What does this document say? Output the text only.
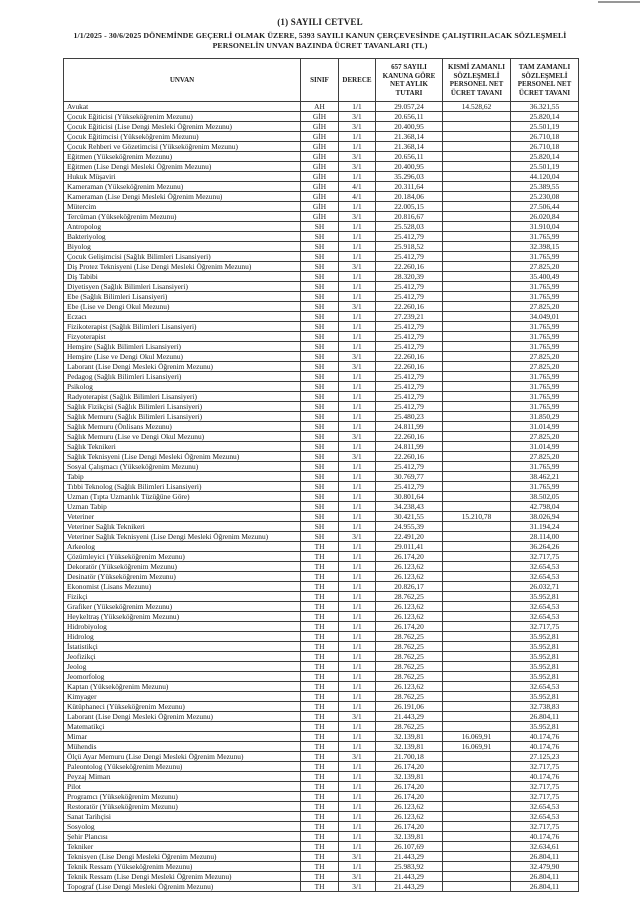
(1) SAYILI CETVEL
1/1/2025 - 30/6/2025 DÖNEMİNDE GEÇERLİ OLMAK ÜZERE, 5393 SAYILI KANUN ÇERÇEVESİNDE ÇALIŞTIRILACAK SÖZLEŞMELİ
PERSONELİN UNVAN BAZINDA ÜCRET TAVANLARI (TL)
UNVAN	SINIF	DERECE	657 SAYILI KANUNA GÖRE NET AYLIK TUTARI	KISMİ ZAMANLI SÖZLEŞMELİ PERSONEL NET ÜCRET TAVANI	TAM ZAMANLI SÖZLEŞMELİ PERSONEL NET ÜCRET TAVANI
Avukat	AH	1/1	29.057,24	14.528,62	36.321,55
Çocuk Eğiticisi (Yükseköğrenim Mezunu)	GİH	3/1	20.656,11		25.820,14
Çocuk Eğiticisi (Lise Dengi Mesleki Öğrenim Mezunu)	GİH	3/1	20.400,95		25.501,19
Çocuk Eğitimcisi (Yükseköğrenim Mezunu)	GİH	1/1	21.368,14		26.710,18
Çocuk Rehberi ve Gözetimcisi (Yükseköğrenim Mezunu)	GİH	1/1	21.368,14		26.710,18
Eğitmen (Yükseköğrenim Mezunu)	GİH	3/1	20.656,11		25.820,14
Eğitmen (Lise Dengi Mesleki Öğrenim Mezunu)	GİH	3/1	20.400,95		25.501,19
Hukuk Müşaviri	GİH	1/1	35.296,03		44.120,04
Kameraman (Yükseköğrenim Mezunu)	GİH	4/1	20.311,64		25.389,55
Kameraman (Lise Dengi Mesleki Öğrenim Mezunu)	GİH	4/1	20.184,06		25.230,08
Mütercim	GİH	1/1	22.005,15		27.506,44
Tercüman (Yükseköğrenim Mezunu)	GİH	3/1	20.816,67		26.020,84
Antropolog	SH	1/1	25.528,03		31.910,04
Bakteriyolog	SH	1/1	25.412,79		31.765,99
Biyolog	SH	1/1	25.918,52		32.398,15
Çocuk Gelişimcisi (Sağlık Bilimleri Lisansiyeri)	SH	1/1	25.412,79		31.765,99
Diş Protez Teknisyeni (Lise Dengi Mesleki Öğrenim Mezunu)	SH	3/1	22.260,16		27.825,20
Diş Tabibi	SH	1/1	28.320,39		35.400,49
Diyetisyen (Sağlık Bilimleri Lisansiyeri)	SH	1/1	25.412,79		31.765,99
Ebe (Sağlık Bilimleri Lisansiyeri)	SH	1/1	25.412,79		31.765,99
Ebe (Lise ve Dengi Okul Mezunu)	SH	3/1	22.260,16		27.825,20
Eczacı	SH	1/1	27.239,21		34.049,01
Fizikoterapist (Sağlık Bilimleri Lisansiyeri)	SH	1/1	25.412,79		31.765,99
Fizyoterapist	SH	1/1	25.412,79		31.765,99
Hemşire (Sağlık Bilimleri Lisansiyeri)	SH	1/1	25.412,79		31.765,99
Hemşire (Lise ve Dengi Okul Mezunu)	SH	3/1	22.260,16		27.825,20
Laborant (Lise Dengi Mesleki Öğrenim Mezunu)	SH	3/1	22.260,16		27.825,20
Pedagog (Sağlık Bilimleri Lisansiyeri)	SH	1/1	25.412,79		31.765,99
Psikolog	SH	1/1	25.412,79		31.765,99
Radyoterapist (Sağlık Bilimleri Lisansiyeri)	SH	1/1	25.412,79		31.765,99
Sağlık Fizikçisi (Sağlık Bilimleri Lisansiyeri)	SH	1/1	25.412,79		31.765,99
Sağlık Memuru (Sağlık Bilimleri Lisansiyeri)	SH	1/1	25.480,23		31.850,29
Sağlık Memuru (Önlisans Mezunu)	SH	1/1	24.811,99		31.014,99
Sağlık Memuru (Lise ve Dengi Okul Mezunu)	SH	3/1	22.260,16		27.825,20
Sağlık Teknikeri	SH	1/1	24.811,99		31.014,99
Sağlık Teknisyeni (Lise Dengi Mesleki Öğrenim Mezunu)	SH	3/1	22.260,16		27.825,20
Sosyal Çalışmacı (Yükseköğrenim Mezunu)	SH	1/1	25.412,79		31.765,99
Tabip	SH	1/1	30.769,77		38.462,21
Tıbbi Teknolog (Sağlık Bilimleri Lisansiyeri)	SH	1/1	25.412,79		31.765,99
Uzman (Tıpta Uzmanlık Tüzüğüne Göre)	SH	1/1	30.801,64		38.502,05
Uzman Tabip	SH	1/1	34.238,43		42.798,04
Veteriner	SH	1/1	30.421,55	15.210,78	38.026,94
Veteriner Sağlık Teknikeri	SH	1/1	24.955,39		31.194,24
Veteriner Sağlık Teknisyeni (Lise Dengi Mesleki Öğrenim Mezunu)	SH	3/1	22.491,20		28.114,00
Arkeolog	TH	1/1	29.011,41		36.264,26
Çözümleyici (Yükseköğrenim Mezunu)	TH	1/1	26.174,20		32.717,75
Dekoratör (Yükseköğrenim Mezunu)	TH	1/1	26.123,62		32.654,53
Desinatör (Yükseköğrenim Mezunu)	TH	1/1	26.123,62		32.654,53
Ekonomist (Lisans Mezunu)	TH	1/1	20.826,17		26.032,71
Fizikçi	TH	1/1	28.762,25		35.952,81
Grafiker (Yükseköğrenim Mezunu)	TH	1/1	26.123,62		32.654,53
Heykeltraş (Yükseköğrenim Mezunu)	TH	1/1	26.123,62		32.654,53
Hidrobiyolog	TH	1/1	26.174,20		32.717,75
Hidrolog	TH	1/1	28.762,25		35.952,81
İstatistikçi	TH	1/1	28.762,25		35.952,81
Jeofizikçi	TH	1/1	28.762,25		35.952,81
Jeolog	TH	1/1	28.762,25		35.952,81
Jeomorfolog	TH	1/1	28.762,25		35.952,81
Kaptan (Yükseköğrenim Mezunu)	TH	1/1	26.123,62		32.654,53
Kimyager	TH	1/1	28.762,25		35.952,81
Kütüphaneci (Yükseköğrenim Mezunu)	TH	1/1	26.191,06		32.738,83
Laborant (Lise Dengi Mesleki Öğrenim Mezunu)	TH	3/1	21.443,29		26.804,11
Matematikçi	TH	1/1	28.762,25		35.952,81
Mimar	TH	1/1	32.139,81	16.069,91	40.174,76
Mühendis	TH	1/1	32.139,81	16.069,91	40.174,76
Ölçü Ayar Memuru (Lise Dengi Mesleki Öğrenim Mezunu)	TH	3/1	21.700,18		27.125,23
Paleontolog (Yükseköğrenim Mezunu)	TH	1/1	26.174,20		32.717,75
Peyzaj Mimarı	TH	1/1	32.139,81		40.174,76
Pilot	TH	1/1	26.174,20		32.717,75
Programcı (Yükseköğrenim Mezunu)	TH	1/1	26.174,20		32.717,75
Restoratör (Yükseköğrenim Mezunu)	TH	1/1	26.123,62		32.654,53
Sanat Tarihçisi	TH	1/1	26.123,62		32.654,53
Sosyolog	TH	1/1	26.174,20		32.717,75
Şehir Plancısı	TH	1/1	32.139,81		40.174,76
Tekniker	TH	1/1	26.107,69		32.634,61
Teknisyen (Lise Dengi Mesleki Öğrenim Mezunu)	TH	3/1	21.443,29		26.804,11
Teknik Ressam (Yükseköğrenim Mezunu)	TH	1/1	25.983,92		32.479,90
Teknik Ressam (Lise Dengi Mesleki Öğrenim Mezunu)	TH	3/1	21.443,29		26.804,11
Topograf (Lise Dengi Mesleki Öğrenim Mezunu)	TH	3/1	21.443,29		26.804,11
